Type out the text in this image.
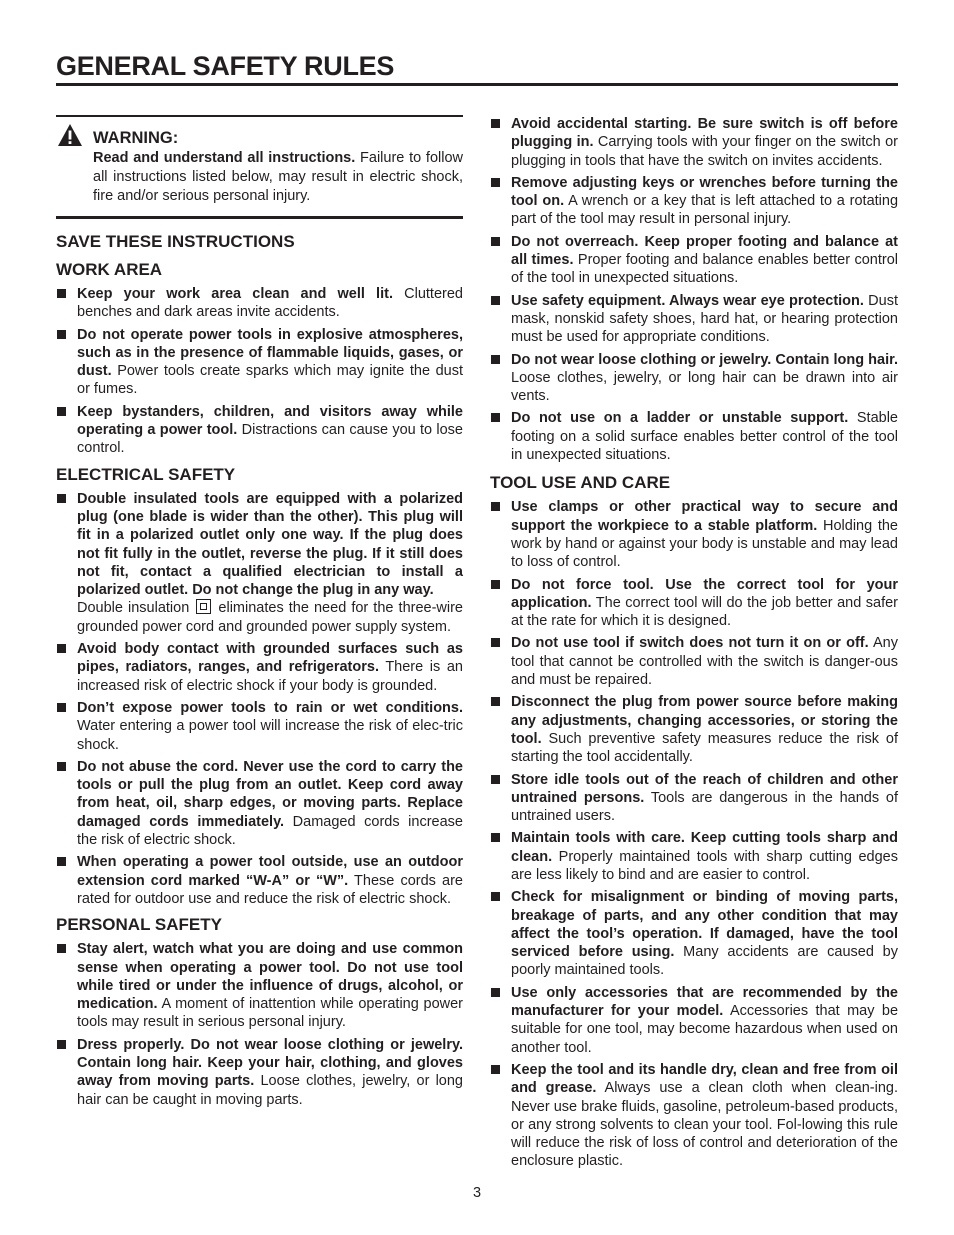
GENERAL SAFETY RULES
WARNING:
Read and understand all instructions. Failure to follow all instructions listed below, may result in electric shock, fire and/or serious personal injury.
SAVE THESE INSTRUCTIONS
WORK AREA
Keep your work area clean and well lit. Cluttered benches and dark areas invite accidents.
Do not operate power tools in explosive atmospheres, such as in the presence of flammable liquids, gases, or dust. Power tools create sparks which may ignite the dust or fumes.
Keep bystanders, children, and visitors away while operating a power tool. Distractions can cause you to lose control.
ELECTRICAL SAFETY
Double insulated tools are equipped with a polarized plug (one blade is wider than the other). This plug will fit in a polarized outlet only one way. If the plug does not fit fully in the outlet, reverse the plug. If it still does not fit, contact a qualified electrician to install a polarized outlet. Do not change the plug in any way.
Double insulation  eliminates the need for the three-wire grounded power cord and grounded power supply system.
Avoid body contact with grounded surfaces such as pipes, radiators, ranges, and refrigerators. There is an increased risk of electric shock if your body is grounded.
Don’t expose power tools to rain or wet conditions. Water entering a power tool will increase the risk of elec-tric shock.
Do not abuse the cord. Never use the cord to carry the tools or pull the plug from an outlet. Keep cord away from heat, oil, sharp edges, or moving parts. Replace damaged cords immediately. Damaged cords increase the risk of electric shock.
When operating a power tool outside, use an outdoor extension cord marked “W-A” or “W”. These cords are rated for outdoor use and reduce the risk of electric shock.
PERSONAL SAFETY
Stay alert, watch what you are doing and use common sense when operating a power tool. Do not use tool while tired or under the influence of drugs, alcohol, or medication. A moment of inattention while operating power tools may result in serious personal injury.
Dress properly. Do not wear loose clothing or jewelry. Contain long hair. Keep your hair, clothing, and gloves away from moving parts. Loose clothes, jewelry, or long hair can be caught in moving parts.
Avoid accidental starting. Be sure switch is off before plugging in. Carrying tools with your finger on the switch or plugging in tools that have the switch on invites accidents.
Remove adjusting keys or wrenches before turning the tool on. A wrench or a key that is left attached to a rotating part of the tool may result in personal injury.
Do not overreach. Keep proper footing and balance at all times. Proper footing and balance enables better control of the tool in unexpected situations.
Use safety equipment. Always wear eye protection. Dust mask, nonskid safety shoes, hard hat, or hearing protection must be used for appropriate conditions.
Do not wear loose clothing or jewelry. Contain long hair. Loose clothes, jewelry, or long hair can be drawn into air vents.
Do not use on a ladder or unstable support. Stable footing on a solid surface enables better control of the tool in unexpected situations.
TOOL USE AND CARE
Use clamps or other practical way to secure and support the workpiece to a stable platform. Holding the work by hand or against your body is unstable and may lead to loss of control.
Do not force tool. Use the correct tool for your application. The correct tool will do the job better and safer at the rate for which it is designed.
Do not use tool if switch does not turn it on or off. Any tool that cannot be controlled with the switch is danger-ous and must be repaired.
Disconnect the plug from power source before making any adjustments, changing accessories, or storing the tool. Such preventive safety measures reduce the risk of starting the tool accidentally.
Store idle tools out of the reach of children and other untrained persons. Tools are dangerous in the hands of untrained users.
Maintain tools with care. Keep cutting tools sharp and clean. Properly maintained tools with sharp cutting edges are less likely to bind and are easier to control.
Check for misalignment or binding of moving parts, breakage of parts, and any other condition that may affect the tool’s operation. If damaged, have the tool serviced before using. Many accidents are caused by poorly maintained tools.
Use only accessories that are recommended by the manufacturer for your model. Accessories that may be suitable for one tool, may become hazardous when used on another tool.
Keep the tool and its handle dry, clean and free from oil and grease. Always use a clean cloth when clean-ing. Never use brake fluids, gasoline, petroleum-based products, or any strong solvents to clean your tool. Fol-lowing this rule will reduce the risk of loss of control and deterioration of the enclosure plastic.
3
